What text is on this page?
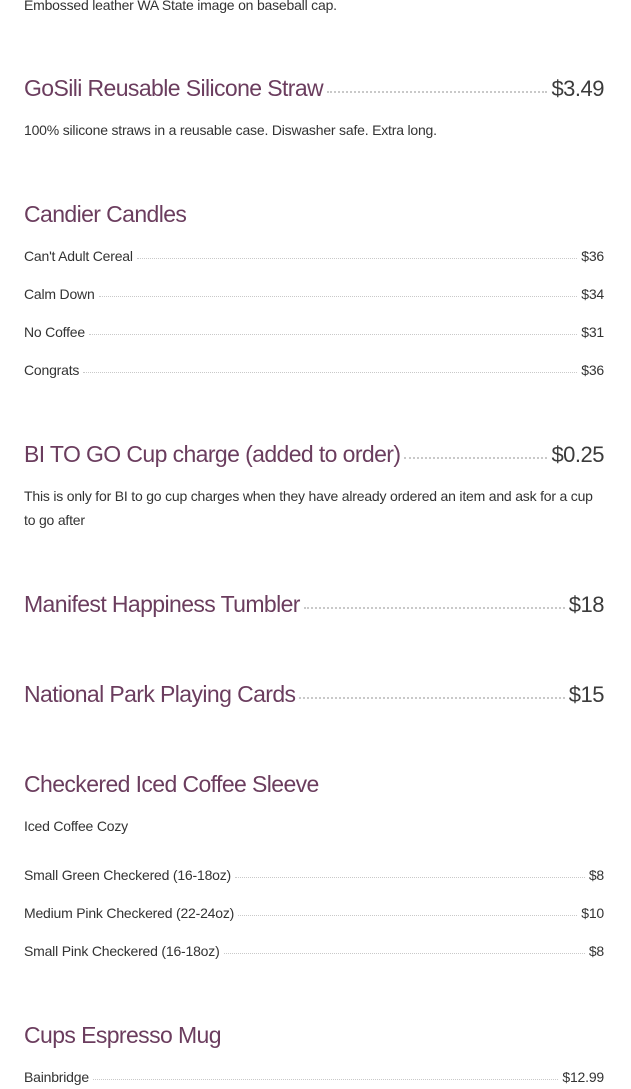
Embossed leather WA State image on baseball cap.
GoSili Reusable Silicone Straw	$3.49
100% silicone straws in a reusable case. Diswasher safe. Extra long.
Candier Candles
Can't Adult Cereal	$36
Calm Down	$34
No Coffee	$31
Congrats	$36
BI TO GO Cup charge (added to order)	$0.25
This is only for BI to go cup charges when they have already ordered an item and ask for a cup to go after
Manifest Happiness Tumbler	$18
National Park Playing Cards	$15
Checkered Iced Coffee Sleeve
Iced Coffee Cozy
Small Green Checkered (16-18oz)	$8
Medium Pink Checkered (22-24oz)	$10
Small Pink Checkered (16-18oz)	$8
Cups Espresso Mug
Bainbridge	$12.99
